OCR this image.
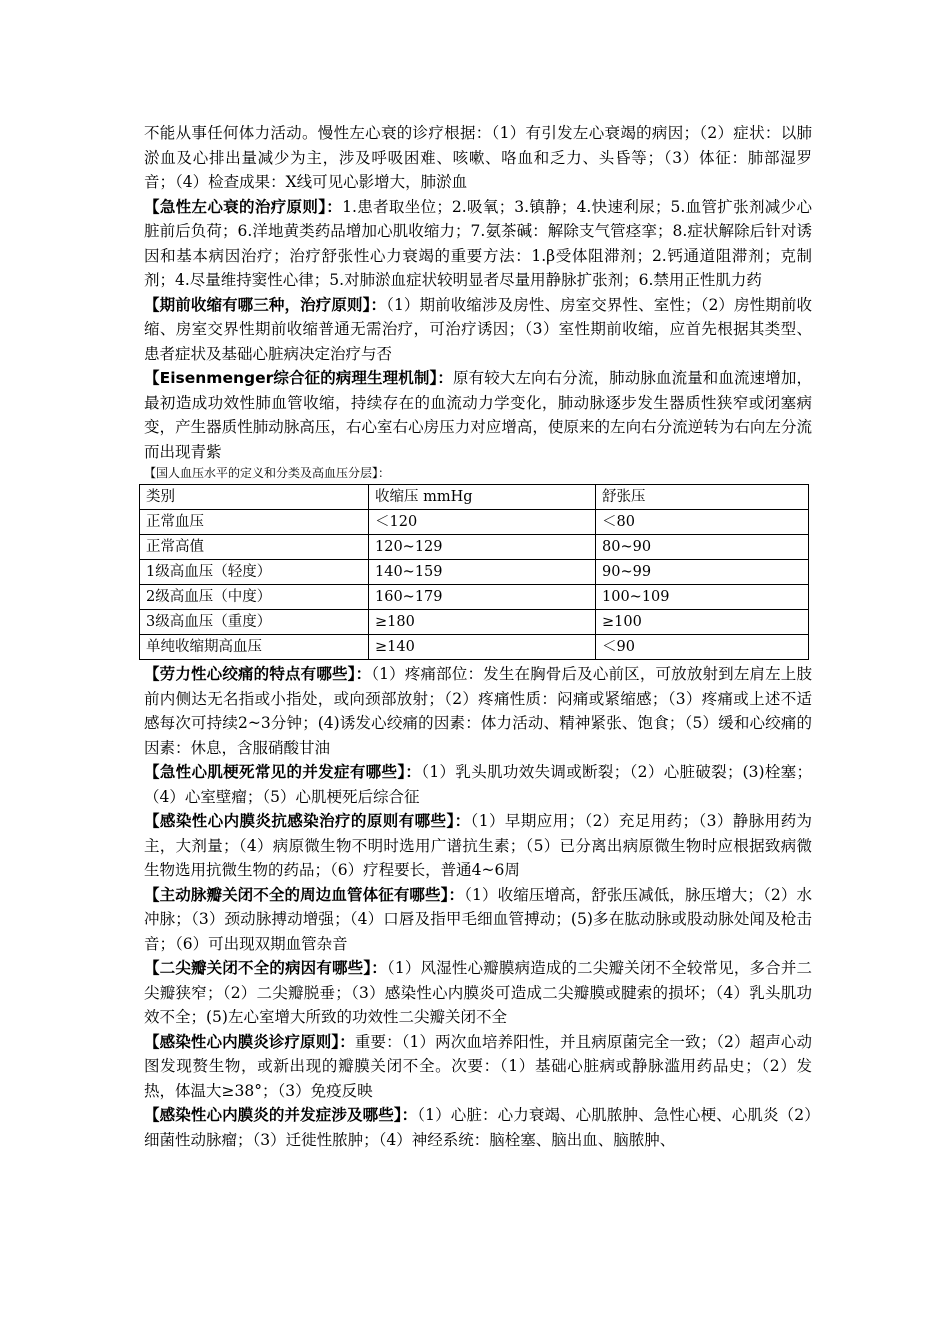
不能从事任何体力活动。慢性左心衰的诊疗根据：（1）有引发左心衰竭的病因；（2）症状：以肺淤血及心排出量减少为主，涉及呼吸困难、咳嗽、咯血和乏力、头昏等；（3）体征：肺部湿罗音；（4）检查成果：X线可见心影增大，肺淤血

【急性左心衰的治疗原则】：1.患者取坐位；2.吸氧；3.镇静；4.快速利尿；5.血管扩张剂减少心脏前后负荷；6.洋地黄类药品增加心肌收缩力；7.氨茶碱：解除支气管痉挛；8.症状解除后针对诱因和基本病因治疗；治疗舒张性心力衰竭的重要方法：1.β受体阻滞剂；2.钙通道阻滞剂；克制剂；4.尽量维持窦性心律；5.对肺淤血症状较明显者尽量用静脉扩张剂；6.禁用正性肌力药

【期前收缩有哪三种，治疗原则】：（1）期前收缩涉及房性、房室交界性、室性；（2）房性期前收缩、房室交界性期前收缩普通无需治疗，可治疗诱因；（3）室性期前收缩，应首先根据其类型、患者症状及基础心脏病决定治疗与否

【Eisenmenger综合征的病理生理机制】：原有较大左向右分流，肺动脉血流量和血流速增加，最初造成功效性肺血管收缩，持续存在的血流动力学变化，肺动脉逐步发生器质性狭窄或闭塞病变，产生器质性肺动脉高压，右心室右心房压力对应增高，使原来的左向右分流逆转为右向左分流而出现青紫

【国人血压水平的定义和分类及高血压分层】：

类别	收缩压 mmHg	舒张压
正常血压	＜120	＜80
正常高值	120~129	80~90
1级高血压（轻度）	140~159	90~99
2级高血压（中度）	160~179	100~109
3级高血压（重度）	≥180	≥100
单纯收缩期高血压	≥140	＜90

【劳力性心绞痛的特点有哪些】：（1）疼痛部位：发生在胸骨后及心前区，可放放射到左肩左上肢前内侧达无名指或小指处，或向颈部放射；（2）疼痛性质：闷痛或紧缩感；（3）疼痛或上述不适感每次可持续2~3分钟；(4)诱发心绞痛的因素：体力活动、精神紧张、饱食；（5）缓和心绞痛的因素：休息，含服硝酸甘油

【急性心肌梗死常见的并发症有哪些】：（1）乳头肌功效失调或断裂；（2）心脏破裂；(3)栓塞；（4）心室壁瘤；（5）心肌梗死后综合征

【感染性心内膜炎抗感染治疗的原则有哪些】：（1）早期应用；（2）充足用药；（3）静脉用药为主，大剂量；（4）病原微生物不明时选用广谱抗生素；（5）已分离出病原微生物时应根据致病微生物选用抗微生物的药品；（6）疗程要长，普通4~6周

【主动脉瓣关闭不全的周边血管体征有哪些】：（1）收缩压增高，舒张压减低，脉压增大；（2）水冲脉；（3）颈动脉搏动增强；（4）口唇及指甲毛细血管搏动；(5)多在肱动脉或股动脉处闻及枪击音；（6）可出现双期血管杂音

【二尖瓣关闭不全的病因有哪些】：（1）风湿性心瓣膜病造成的二尖瓣关闭不全较常见，多合并二尖瓣狭窄；（2）二尖瓣脱垂；（3）感染性心内膜炎可造成二尖瓣膜或腱索的损坏；（4）乳头肌功效不全；(5)左心室增大所致的功效性二尖瓣关闭不全

【感染性心内膜炎诊疗原则】：重要：（1）两次血培养阳性，并且病原菌完全一致；（2）超声心动图发现赘生物，或新出现的瓣膜关闭不全。次要：（1）基础心脏病或静脉滥用药品史；（2）发热，体温大≥38°；（3）免疫反映

【感染性心内膜炎的并发症涉及哪些】：（1）心脏：心力衰竭、心肌脓肿、急性心梗、心肌炎（2）细菌性动脉瘤；（3）迁徙性脓肿；（4）神经系统：脑栓塞、脑出血、脑脓肿、
